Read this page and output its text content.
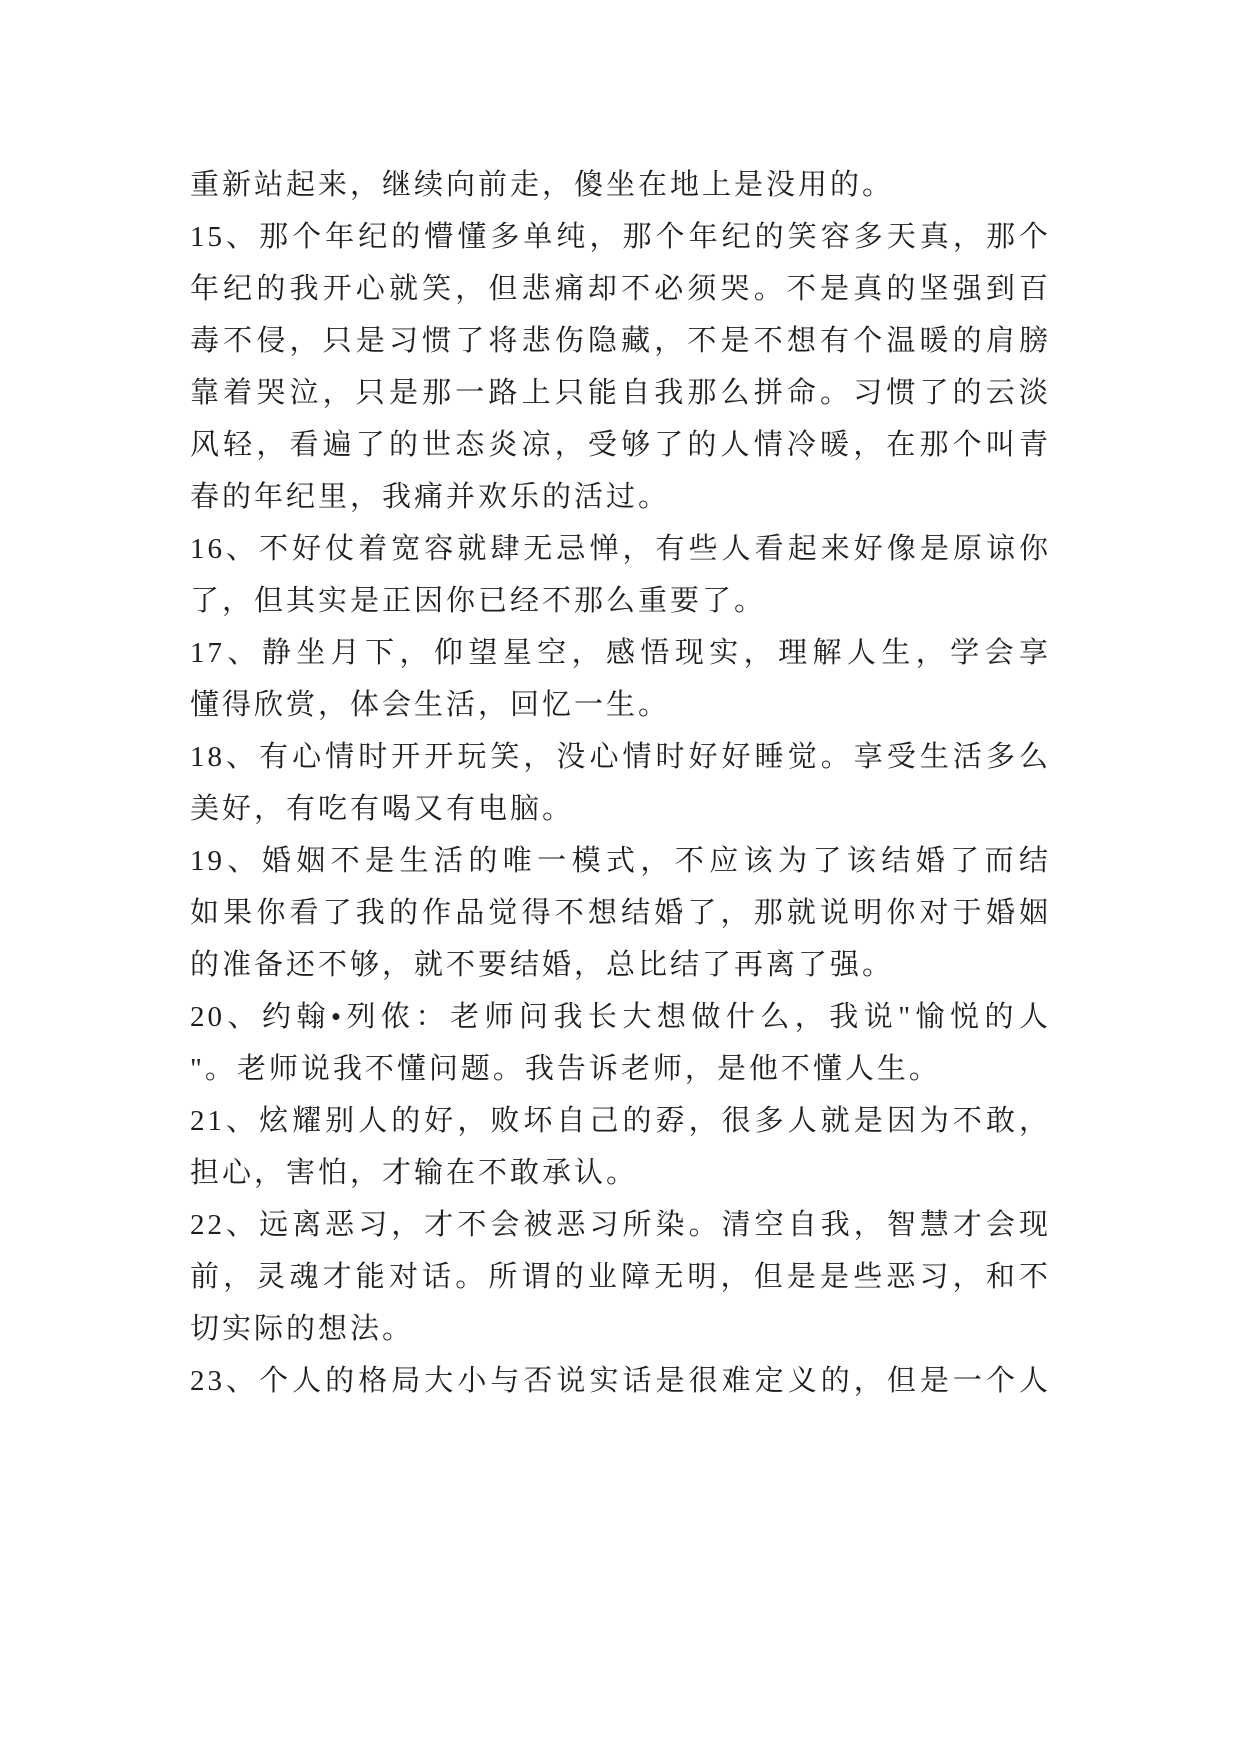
重新站起来，继续向前走，傻坐在地上是没用的。
15、那个年纪的懵懂多单纯，那个年纪的笑容多天真，那个
年纪的我开心就笑，但悲痛却不必须哭。不是真的坚强到百
毒不侵，只是习惯了将悲伤隐藏，不是不想有个温暖的肩膀
靠着哭泣，只是那一路上只能自我那么拼命。习惯了的云淡
风轻，看遍了的世态炎凉，受够了的人情冷暖，在那个叫青
春的年纪里，我痛并欢乐的活过。
16、不好仗着宽容就肆无忌惮，有些人看起来好像是原谅你
了，但其实是正因你已经不那么重要了。
17、静坐月下，仰望星空，感悟现实，理解人生，学会享
懂得欣赏，体会生活，回忆一生。
18、有心情时开开玩笑，没心情时好好睡觉。享受生活多么
美好，有吃有喝又有电脑。
19、婚姻不是生活的唯一模式，不应该为了该结婚了而结
如果你看了我的作品觉得不想结婚了，那就说明你对于婚姻
的准备还不够，就不要结婚，总比结了再离了强。
20、约翰•列侬：老师问我长大想做什么，我说"愉悦的人
"。老师说我不懂问题。我告诉老师，是他不懂人生。
21、炫耀别人的好，败坏自己的孬，很多人就是因为不敢，
担心，害怕，才输在不敢承认。
22、远离恶习，才不会被恶习所染。清空自我，智慧才会现
前，灵魂才能对话。所谓的业障无明，但是是些恶习，和不
切实际的想法。
23、个人的格局大小与否说实话是很难定义的，但是一个人
